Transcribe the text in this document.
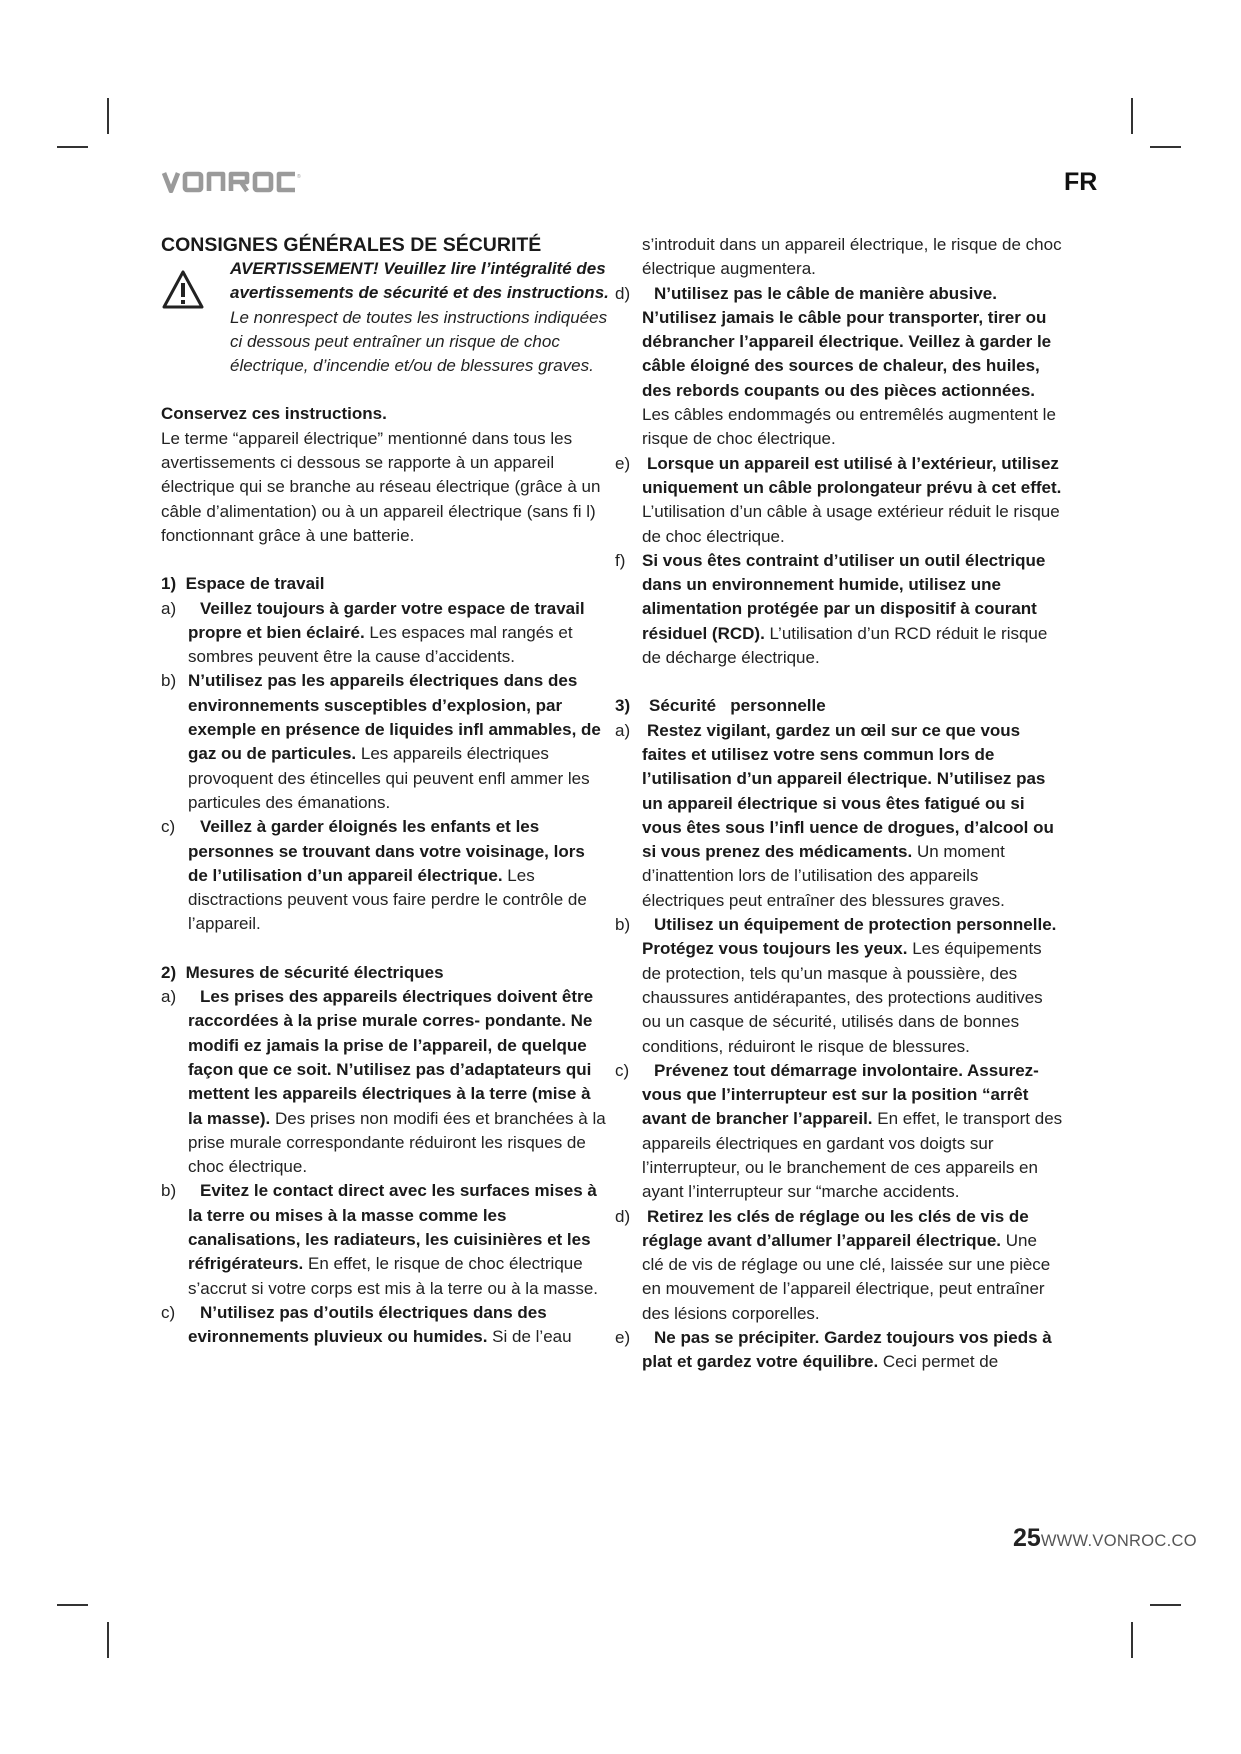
®	FR
CONSIGNES GÉNÉRALES DE SÉCURITÉ

AVERTISSEMENT! Veuillez lire l’intégralité des avertissements de sécurité et des instructions. Le nonrespect de toutes les instructions indiquées ci dessous peut entraîner un risque de choc électrique, d’incendie et/ou de blessures graves.

Conservez ces instructions.

Le terme “appareil électrique” mentionné dans tous les avertissements ci dessous se rapporte à un appareil électrique qui se branche au réseau électrique (grâce à un câble d’alimentation) ou à un appareil électrique (sans fi l) fonctionnant grâce à une batterie.

1) Espace de travail

a)	Veillez toujours à garder votre espace de travail propre et bien éclairé. Les espaces mal rangés et sombres peuvent être la cause d’accidents.

b) N’utilisez pas les appareils électriques dans des environnements susceptibles d’explosion, par exemple en présence de liquides infl ammables, de gaz ou de particules. Les appareils électriques provoquent des étincelles qui peuvent enfl ammer les particules des émanations.

c)	Veillez à garder éloignés les enfants et les personnes se trouvant dans votre voisinage, lors de l’utilisation d’un appareil électrique. Les disctractions peuvent vous faire perdre le contrôle de l’appareil.

2) Mesures de sécurité électriques

a)	Les prises des appareils électriques doivent être raccordées à la prise murale corres- pondante. Ne modifi ez jamais la prise de l’appareil, de quelque façon que ce soit. N’utilisez pas d’adaptateurs qui mettent les appareils électriques à la terre (mise à la masse). Des prises non modifi ées et branchées à la prise murale correspondante réduiront les risques de choc électrique.

b)	Evitez le contact direct avec les surfaces mises à la terre ou mises à la masse comme les canalisations, les radiateurs, les cuisinières et les réfrigérateurs. En effet, le risque de choc électrique s’accrut si votre corps est mis à la terre ou à la masse.

c)	N’utilisez pas d’outils électriques dans des evironnements pluvieux ou humides. Si de l’eau

s’introduit dans un appareil électrique, le risque de choc électrique augmentera.

d)	N’utilisez pas le câble de manière abusive. N’utilisez jamais le câble pour transporter, tirer ou débrancher l’appareil électrique. Veillez à garder le câble éloigné des sources de chaleur, des huiles, des rebords coupants ou des pièces actionnées. Les câbles endommagés ou entremêlés augmentent le risque de choc électrique.

e) Lorsque un appareil est utilisé à l’extérieur, utilisez uniquement un câble prolongateur prévu à cet effet. L’utilisation d’un câble à usage extérieur réduit le risque de choc électrique.

f) Si vous êtes contraint d’utiliser un outil électrique dans un environnement humide, utilisez une alimentation protégée par un dispositif à courant résiduel (RCD). L’utilisation d’un RCD réduit le risque de décharge électrique.

3) Sécurité   personnelle

a) Restez vigilant, gardez un œil sur ce que vous faites et utilisez votre sens commun lors de l’utilisation d’un appareil électrique. N’utilisez pas un appareil électrique si vous êtes fatigué ou si vous êtes sous l’infl uence de drogues, d’alcool ou si vous prenez des médicaments. Un moment d’inattention lors de l’utilisation des appareils électriques peut entraîner des blessures graves.

b)	Utilisez un équipement de protection personnelle. Protégez vous toujours les yeux. Les équipements de protection, tels qu’un masque à poussière, des chaussures antidérapantes, des protections auditives ou un casque de sécurité, utilisés dans de bonnes conditions, réduiront le risque de blessures.

c)	Prévenez tout démarrage involontaire. Assurez- vous que l’interrupteur est sur la position “arrêt avant de brancher l’appareil. En effet, le transport des appareils électriques en gardant vos doigts sur l’interrupteur, ou le branchement de ces appareils en ayant l’interrupteur sur “marche accidents.

d) Retirez les clés de réglage ou les clés de vis de réglage avant d’allumer l’appareil électrique. Une clé de vis de réglage ou une clé, laissée sur une pièce en mouvement de l’appareil électrique, peut entraîner des lésions corporelles.

e)	Ne pas se précipiter. Gardez toujours vos pieds à plat et gardez votre équilibre. Ceci permet de

25WWW.VONROC.CO
